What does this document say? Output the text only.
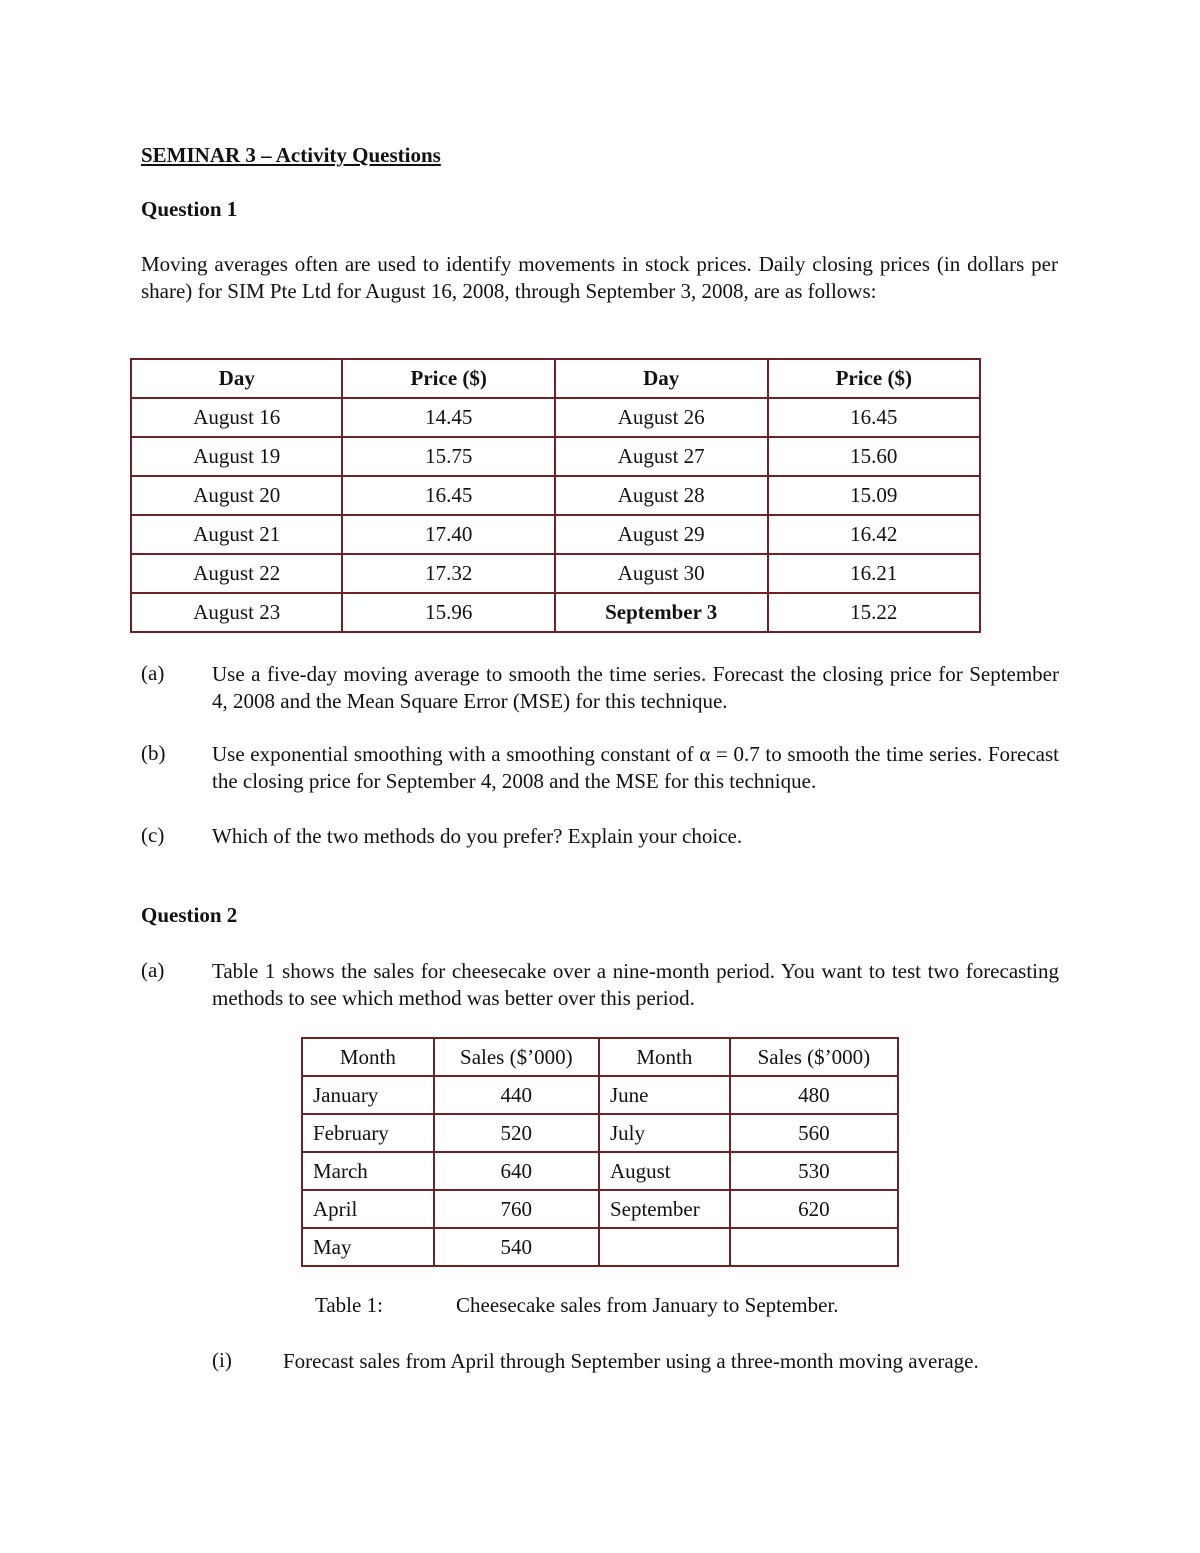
SEMINAR 3 – Activity Questions
Question 1
Moving averages often are used to identify movements in stock prices. Daily closing prices (in dollars per share) for SIM Pte Ltd for August 16, 2008, through September 3, 2008, are as follows:
Day	Price ($)	Day	Price ($)
August 16	14.45	August 26	16.45
August 19	15.75	August 27	15.60
August 20	16.45	August 28	15.09
August 21	17.40	August 29	16.42
August 22	17.32	August 30	16.21
August 23	15.96	September 3	15.22
(a) Use a five-day moving average to smooth the time series. Forecast the closing price for September 4, 2008 and the Mean Square Error (MSE) for this technique.
(b) Use exponential smoothing with a smoothing constant of α = 0.7 to smooth the time series. Forecast the closing price for September 4, 2008 and the MSE for this technique.
(c) Which of the two methods do you prefer? Explain your choice.
Question 2
(a) Table 1 shows the sales for cheesecake over a nine-month period. You want to test two forecasting methods to see which method was better over this period.
Month	Sales ($’000)	Month	Sales ($’000)
January	440	June	480
February	520	July	560
March	640	August	530
April	760	September	620
May	540		
Table 1:	Cheesecake sales from January to September.
(i) Forecast sales from April through September using a three-month moving average.
